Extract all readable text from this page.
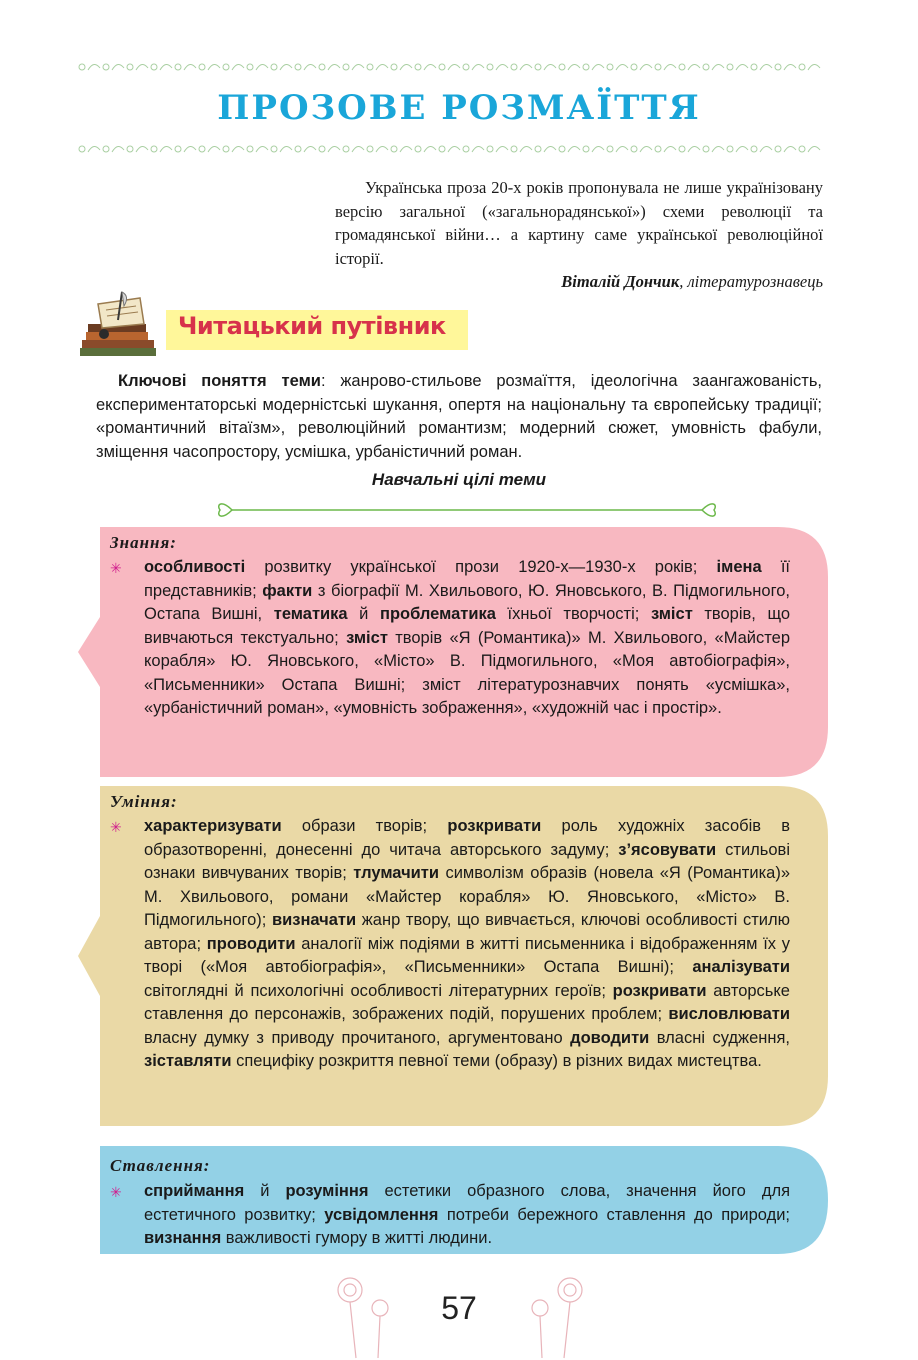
ПРОЗОВЕ РОЗМАЇТТЯ

Українська проза 20-х років пропонувала не лише українізовану версію загальної («загальнорадянської») схеми революції та громадянської війни… а картину саме української революційної історії.

Віталій Дончик, літературознавець
Читацький путівник

Ключові поняття теми: жанрово-стильове розмаїття, ідеологічна заангажованість, експериментаторські модерністські шукання, опертя на національну та європейську традиції; «романтичний вітаїзм», революційний романтизм; модерний сюжет, умовність фабули, зміщення часопростору, усмішка, урбаністичний роман.

Навчальні цілі теми
Знання:
✳ особливості розвитку української прози 1920-х—1930-х років; імена її представників; факти з біографії М. Хвильового, Ю. Яновського, В. Підмогильного, Остапа Вишні, тематика й проблематика їхньої творчості; зміст творів, що вивчаються текстуально; зміст творів «Я (Романтика)» М. Хвильового, «Майстер корабля» Ю. Яновського, «Місто» В. Підмогильного, «Моя автобіографія», «Письменники» Остапа Вишні; зміст літературознавчих понять «усмішка», «урбаністичний роман», «умовність зображення», «художній час і простір».
Уміння:
✳ характеризувати образи творів; розкривати роль художніх засобів в образотворенні, донесенні до читача авторського задуму; з’ясовувати стильові ознаки вивчуваних творів; тлумачити символізм образів (новела «Я (Романтика)» М. Хвильового, романи «Майстер корабля» Ю. Яновського, «Місто» В. Підмогильного); визначати жанр твору, що вивчається, ключові особливості стилю автора; проводити аналогії між подіями в житті письменника і відображенням їх у творі («Моя автобіографія», «Письменники» Остапа Вишні); аналізувати світоглядні й психологічні особливості літературних героїв; розкривати авторське ставлення до персонажів, зображених подій, порушених проблем; висловлювати власну думку з приводу прочитаного, аргументовано доводити власні судження, зіставляти специфіку розкриття певної теми (образу) в різних видах мистецтва.
Ставлення:
✳ сприймання й розуміння естетики образного слова, значення його для естетичного розвитку; усвідомлення потреби бережного ставлення до природи; визнання важливості гумору в житті людини.
57
